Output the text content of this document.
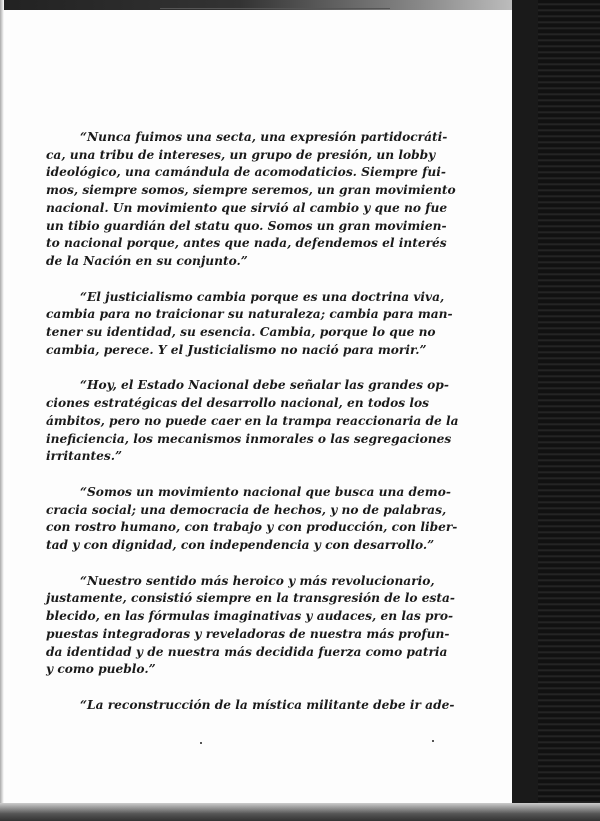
“Nunca fuimos una secta, una expresión partidocráti-
ca, una tribu de intereses, un grupo de presión, un lobby
ideológico, una camándula de acomodaticios. Siempre fui-
mos, siempre somos, siempre seremos, un gran movimiento
nacional. Un movimiento que sirvió al cambio y que no fue
un tibio guardián del statu quo. Somos un gran movimien-
to nacional porque, antes que nada, defendemos el interés
de la Nación en su conjunto.”

“El justicialismo cambia porque es una doctrina viva,
cambia para no traicionar su naturaleza; cambia para man-
tener su identidad, su esencia. Cambia, porque lo que no
cambia, perece. Y el Justicialismo no nació para morir.”

“Hoy, el Estado Nacional debe señalar las grandes op-
ciones estratégicas del desarrollo nacional, en todos los
ámbitos, pero no puede caer en la trampa reaccionaria de la
ineficiencia, los mecanismos inmorales o las segregaciones
irritantes.”

“Somos un movimiento nacional que busca una demo-
cracia social; una democracia de hechos, y no de palabras,
con rostro humano, con trabajo y con producción, con liber-
tad y con dignidad, con independencia y con desarrollo.”

“Nuestro sentido más heroico y más revolucionario,
justamente, consistió siempre en la transgresión de lo esta-
blecido, en las fórmulas imaginativas y audaces, en las pro-
puestas integradoras y reveladoras de nuestra más profun-
da identidad y de nuestra más decidida fuerza como patria
y como pueblo.”

“La reconstrucción de la mística militante debe ir ade-
